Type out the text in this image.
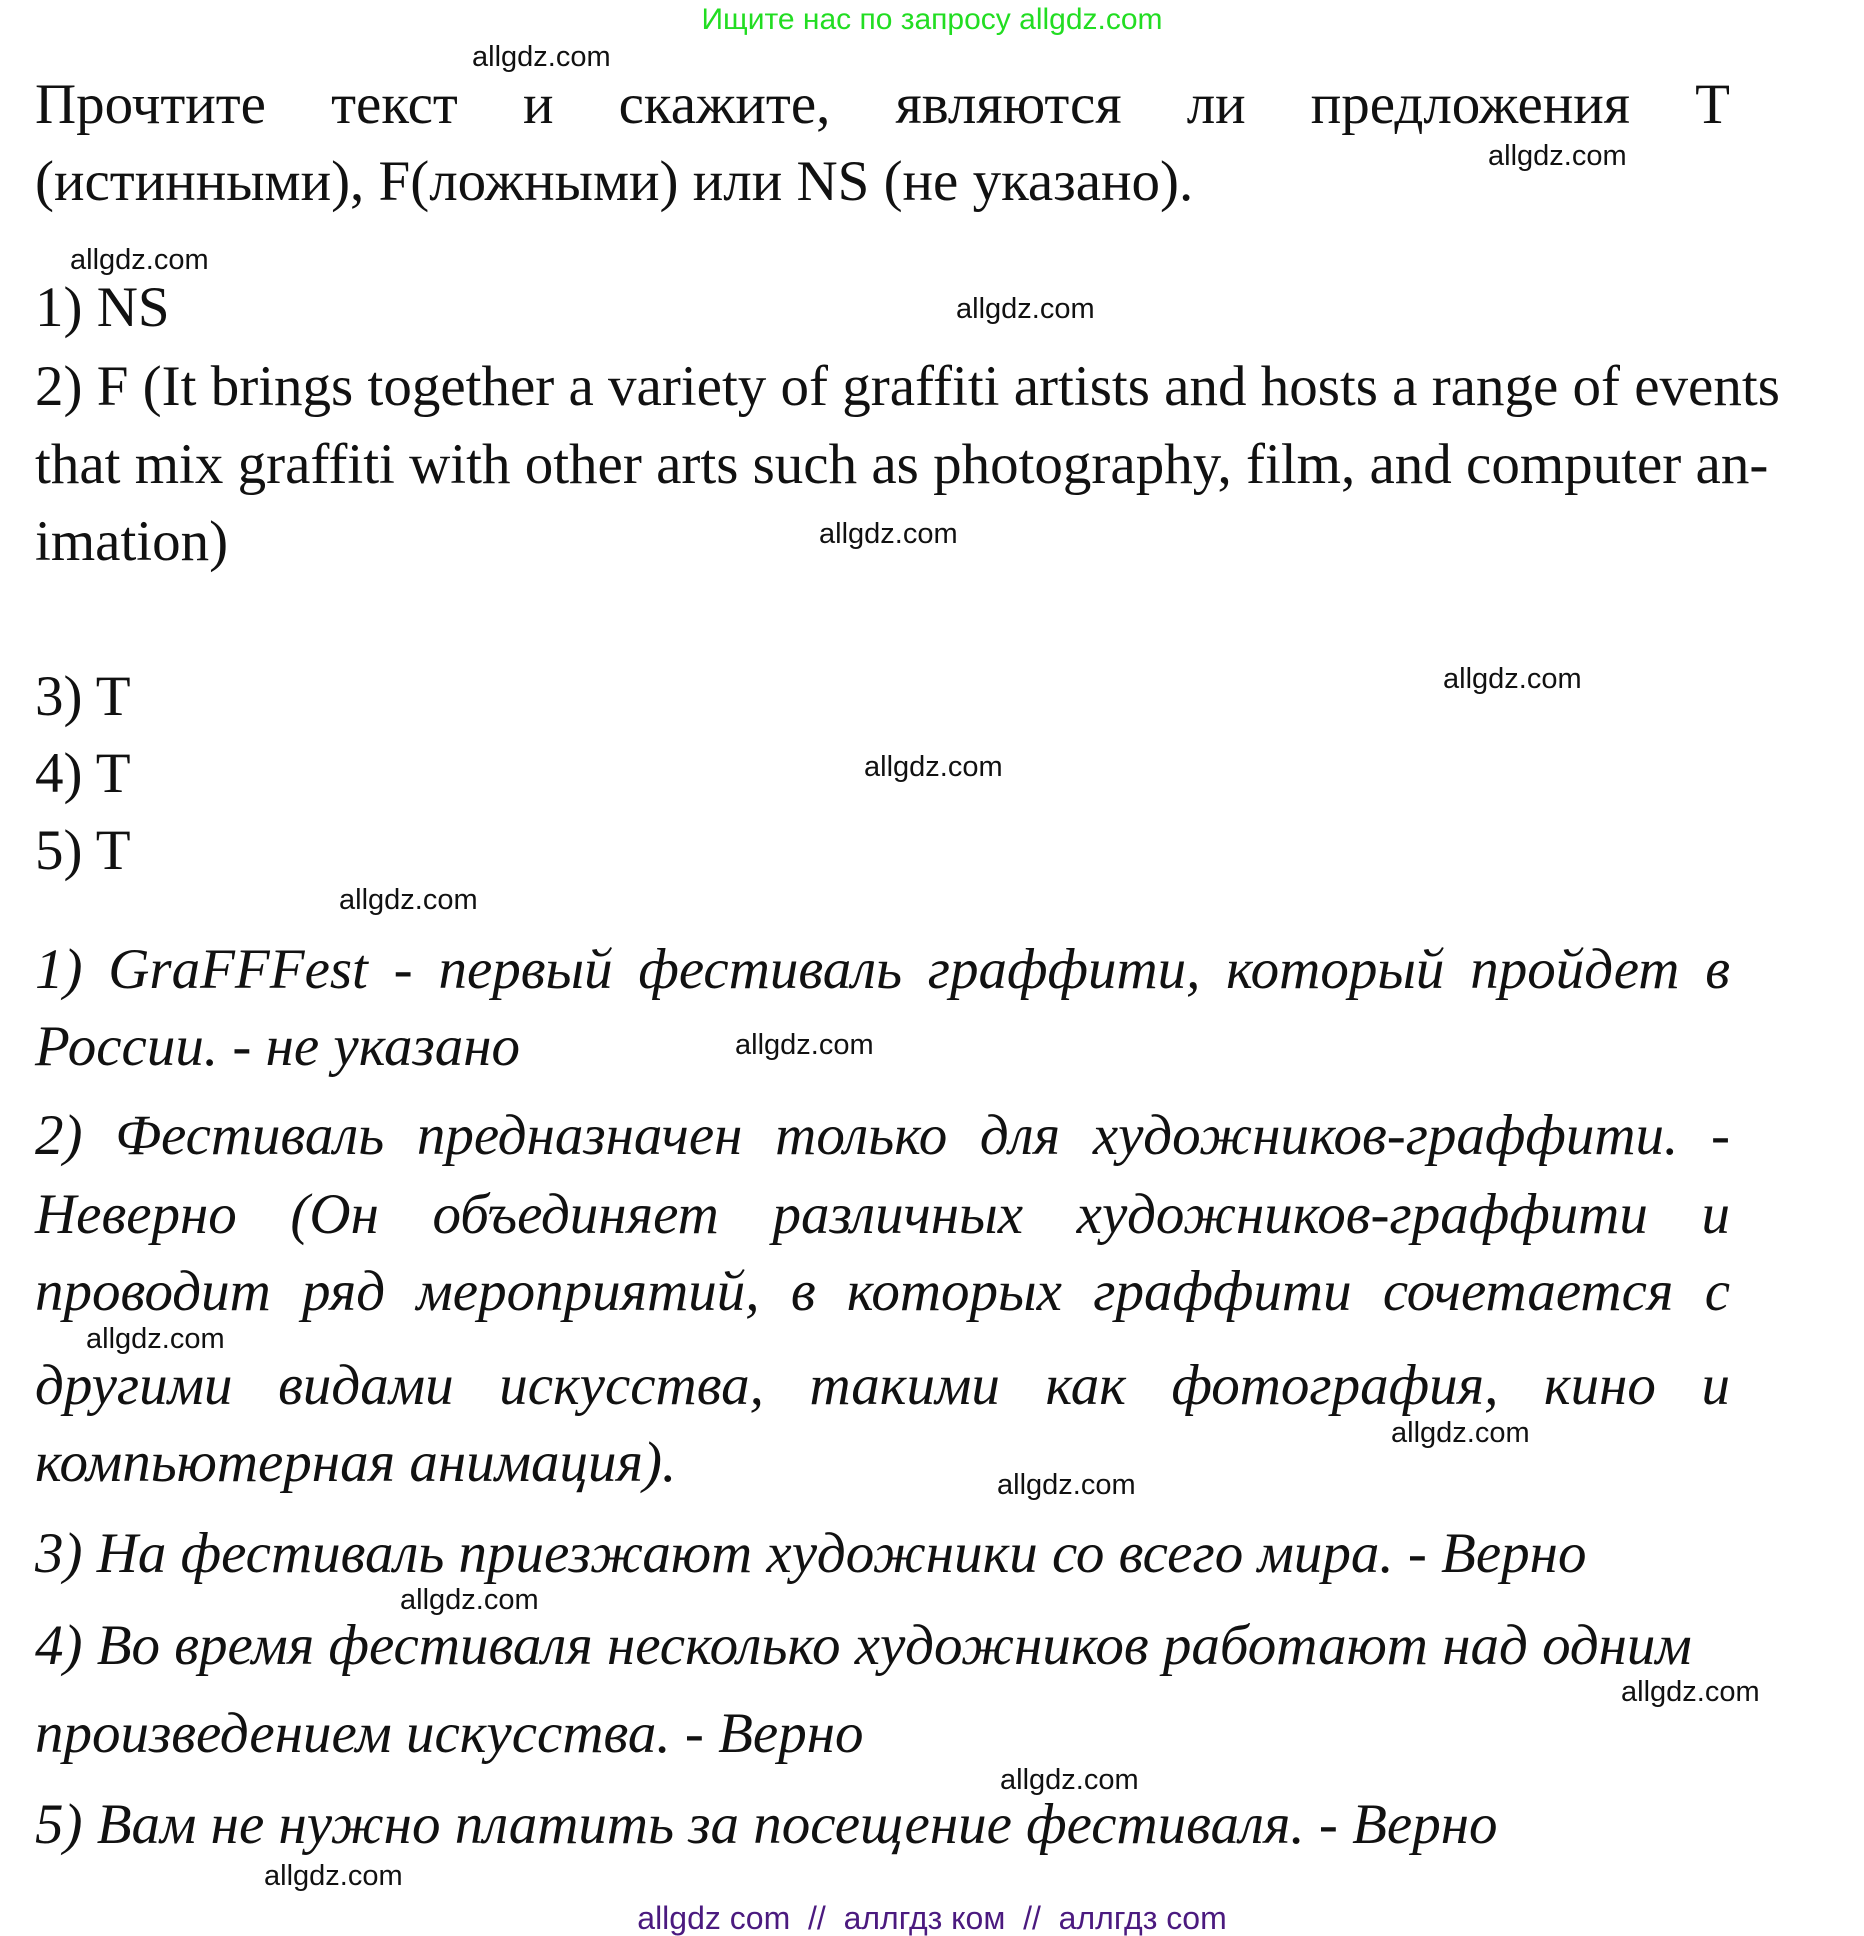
Ищите нас по запросу allgdz.com
Прочтите текст и скажите, являются ли предложения Т
(истинными), F(ложными) или NS (не указано).
1) NS
2) F (It brings together a variety of graffiti artists and hosts a range of events
that mix graffiti with other arts such as photography, film, and computer an-
imation)
3) T
4) T
5) T
1) GraFFFest - первый фестиваль граффити, который пройдет в
России. - не указано
2) Фестиваль предназначен только для художников-граффити. -
Неверно (Он объединяет различных художников-граффити и
проводит ряд мероприятий, в которых граффити сочетается с
другими видами искусства, такими как фотография, кино и
компьютерная анимация).
3) На фестиваль приезжают художники со всего мира. - Верно
4) Во время фестиваля несколько художников работают над одним
произведением искусства. - Верно
5) Вам не нужно платить за посещение фестиваля. - Верно
allgdz.com
allgdz.com
allgdz.com
allgdz.com
allgdz.com
allgdz.com
allgdz.com
allgdz.com
allgdz.com
allgdz.com
allgdz.com
allgdz.com
allgdz.com
allgdz.com
allgdz.com
allgdz.com
allgdz com  //  аллгдз ком  //  аллгдз com
